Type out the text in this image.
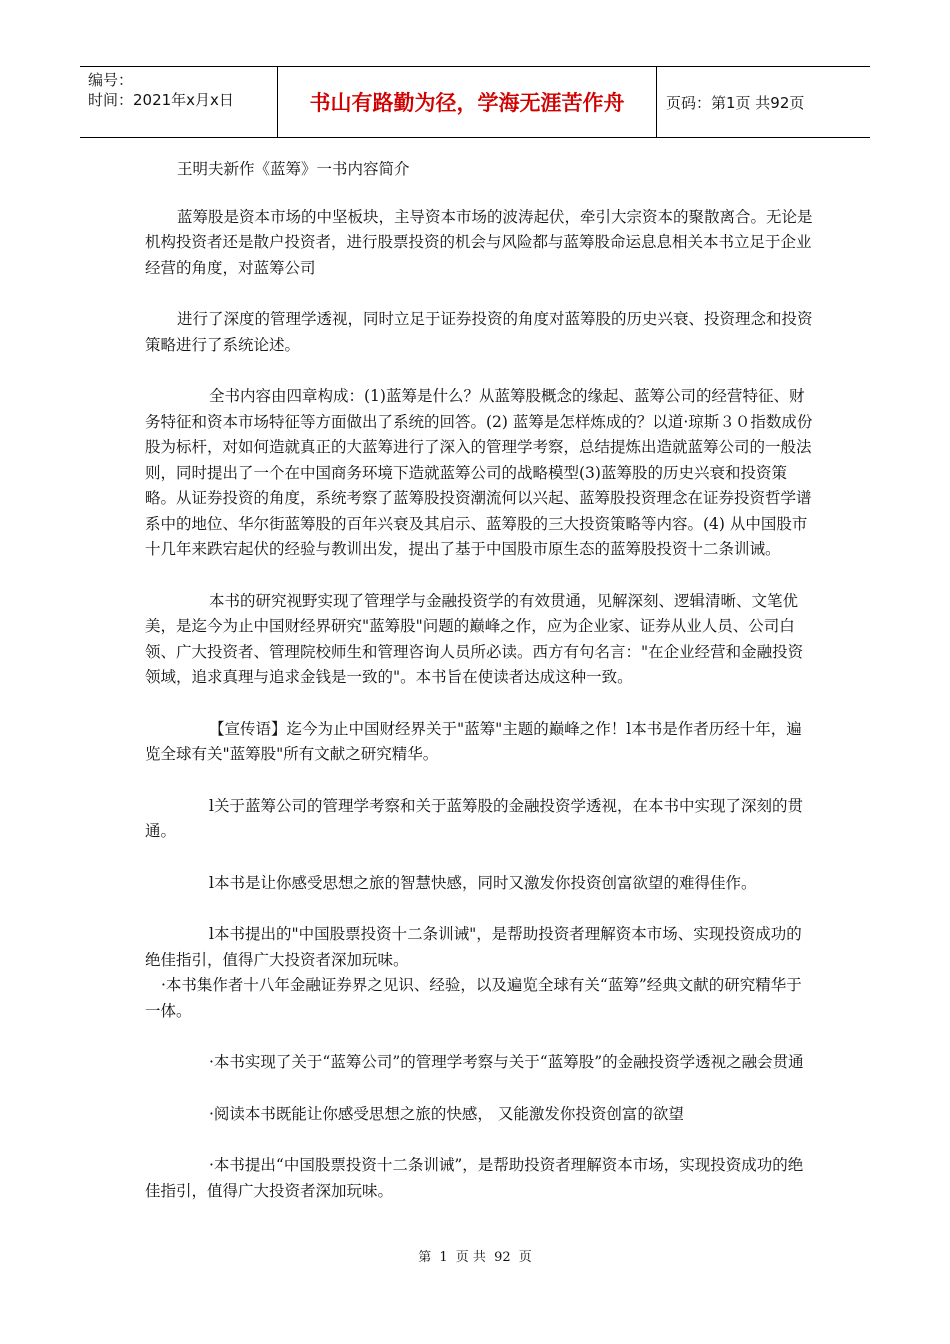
编号：
时间：2021年x月x日	书山有路勤为径，学海无涯苦作舟	页码：第1页 共92页

王明夫新作《蓝筹》一书内容简介

蓝筹股是资本市场的中坚板块，主导资本市场的波涛起伏，牵引大宗资本的聚散离合。无论是机构投资者还是散户投资者，进行股票投资的机会与风险都与蓝筹股命运息息相关本书立足于企业经营的角度，对蓝筹公司

进行了深度的管理学透视，同时立足于证券投资的角度对蓝筹股的历史兴衰、投资理念和投资策略进行了系统论述。

全书内容由四章构成：(1)蓝筹是什么？从蓝筹股概念的缘起、蓝筹公司的经营特征、财务特征和资本市场特征等方面做出了系统的回答。(2) 蓝筹是怎样炼成的？以道·琼斯３０指数成份股为标杆，对如何造就真正的大蓝筹进行了深入的管理学考察，总结提炼出造就蓝筹公司的一般法则，同时提出了一个在中国商务环境下造就蓝筹公司的战略模型(3)蓝筹股的历史兴衰和投资策略。从证券投资的角度，系统考察了蓝筹股投资潮流何以兴起、蓝筹股投资理念在证券投资哲学谱系中的地位、华尔街蓝筹股的百年兴衰及其启示、蓝筹股的三大投资策略等内容。(4) 从中国股市十几年来跌宕起伏的经验与教训出发，提出了基于中国股市原生态的蓝筹股投资十二条训诫。

本书的研究视野实现了管理学与金融投资学的有效贯通，见解深刻、逻辑清晰、文笔优美，是迄今为止中国财经界研究"蓝筹股"问题的巅峰之作，应为企业家、证券从业人员、公司白领、广大投资者、管理院校师生和管理咨询人员所必读。西方有句名言："在企业经营和金融投资领域，追求真理与追求金钱是一致的"。本书旨在使读者达成这种一致。

【宣传语】迄今为止中国财经界关于"蓝筹"主题的巅峰之作！l本书是作者历经十年，遍览全球有关"蓝筹股"所有文献之研究精华。

l关于蓝筹公司的管理学考察和关于蓝筹股的金融投资学透视，在本书中实现了深刻的贯通。

l本书是让你感受思想之旅的智慧快感，同时又激发你投资创富欲望的难得佳作。

l本书提出的"中国股票投资十二条训诫"，是帮助投资者理解资本市场、实现投资成功的绝佳指引，值得广大投资者深加玩味。

·本书集作者十八年金融证券界之见识、经验，以及遍览全球有关“蓝筹”经典文献的研究精华于一体。

·本书实现了关于“蓝筹公司”的管理学考察与关于“蓝筹股”的金融投资学透视之融会贯通

·阅读本书既能让你感受思想之旅的快感， 又能激发你投资创富的欲望

·本书提出“中国股票投资十二条训诫”，是帮助投资者理解资本市场，实现投资成功的绝佳指引，值得广大投资者深加玩味。

第 1 页 共 92 页
